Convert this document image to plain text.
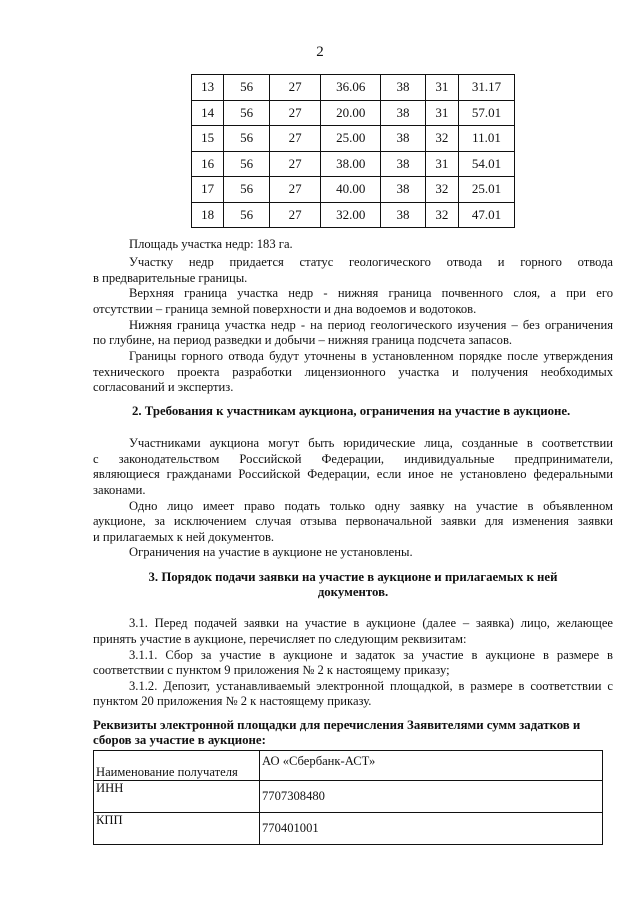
2
13	56	27	36.06	38	31	31.17
14	56	27	20.00	38	31	57.01
15	56	27	25.00	38	32	11.01
16	56	27	38.00	38	31	54.01
17	56	27	40.00	38	32	25.01
18	56	27	32.00	38	32	47.01

Площадь участка недр: 183 га.

Участку недр придается статус геологического отвода и горного отвода

в предварительные границы.

Верхняя граница участка недр - нижняя граница почвенного слоя, а при его

отсутствии – граница земной поверхности и дна водоемов и водотоков.

Нижняя граница участка недр - на период геологического изучения – без ограничения

по глубине, на период разведки и добычи – нижняя граница подсчета запасов.

Границы горного отвода будут уточнены в установленном порядке после утверждения

технического проекта разработки лицензионного участка и получения необходимых

согласований и экспертиз.

2. Требования к участникам аукциона, ограничения на участие в аукционе.

Участниками аукциона могут быть юридические лица, созданные в соответствии

с законодательством Российской Федерации, индивидуальные предприниматели,

являющиеся гражданами Российской Федерации, если иное не установлено федеральными

законами.

Одно лицо имеет право подать только одну заявку на участие в объявленном

аукционе, за исключением случая отзыва первоначальной заявки для изменения заявки

и прилагаемых к ней документов.

Ограничения на участие в аукционе не установлены.

3. Порядок подачи заявки на участие в аукционе и прилагаемых к ней

документов.

3.1. Перед подачей заявки на участие в аукционе (далее – заявка) лицо, желающее

принять участие в аукционе, перечисляет по следующим реквизитам:

3.1.1. Сбор за участие в аукционе и задаток за участие в аукционе в размере в

соответствии с пунктом 9 приложения № 2 к настоящему приказу;

3.1.2. Депозит, устанавливаемый электронной площадкой, в размере в соответствии с

пунктом 20 приложения № 2 к настоящему приказу.

Реквизиты электронной площадки для перечисления Заявителями сумм задатков и

сборов за участие в аукционе:

Наименование получателя	АО «Сбербанк-АСТ»
ИНН	7707308480
КПП	770401001
